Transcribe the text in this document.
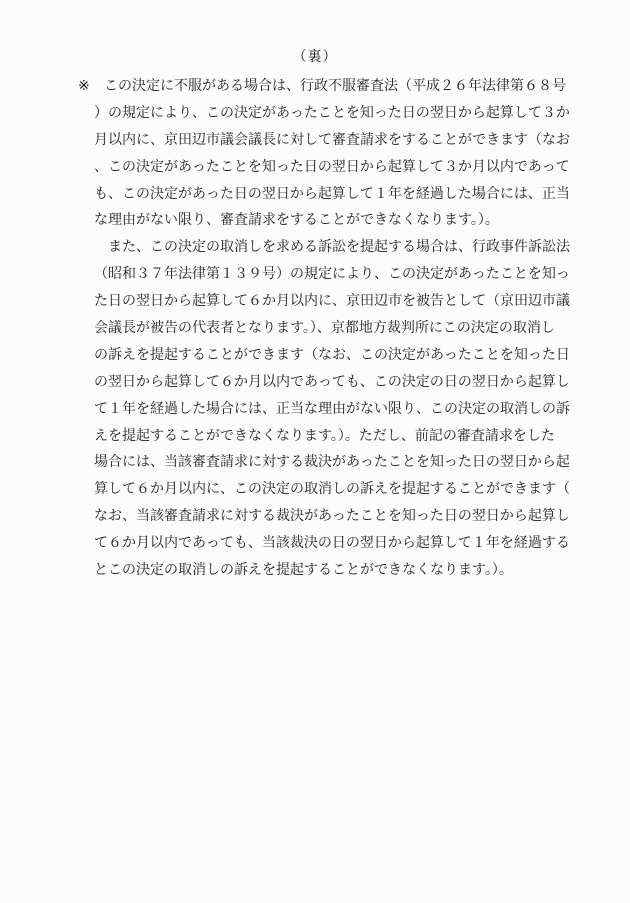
（裏）
※ この決定に不服がある場合は、行政不服審査法（平成２６年法律第６８号
）の規定により、この決定があったことを知った日の翌日から起算して３か
月以内に、京田辺市議会議長に対して審査請求をすることができます（なお
、この決定があったことを知った日の翌日から起算して３か月以内であって
も、この決定があった日の翌日から起算して１年を経過した場合には、正当
な理由がない限り、審査請求をすることができなくなります。）。
また、この決定の取消しを求める訴訟を提起する場合は、行政事件訴訟法
（昭和３７年法律第１３９号）の規定により、この決定があったことを知っ
た日の翌日から起算して６か月以内に、京田辺市を被告として（京田辺市議
会議長が被告の代表者となります。）、京都地方裁判所にこの決定の取消し
の訴えを提起することができます（なお、この決定があったことを知った日
の翌日から起算して６か月以内であっても、この決定の日の翌日から起算し
て１年を経過した場合には、正当な理由がない限り、この決定の取消しの訴
えを提起することができなくなります。）。ただし、前記の審査請求をした
場合には、当該審査請求に対する裁決があったことを知った日の翌日から起
算して６か月以内に、この決定の取消しの訴えを提起することができます（
なお、当該審査請求に対する裁決があったことを知った日の翌日から起算し
て６か月以内であっても、当該裁決の日の翌日から起算して１年を経過する
とこの決定の取消しの訴えを提起することができなくなります。）。
